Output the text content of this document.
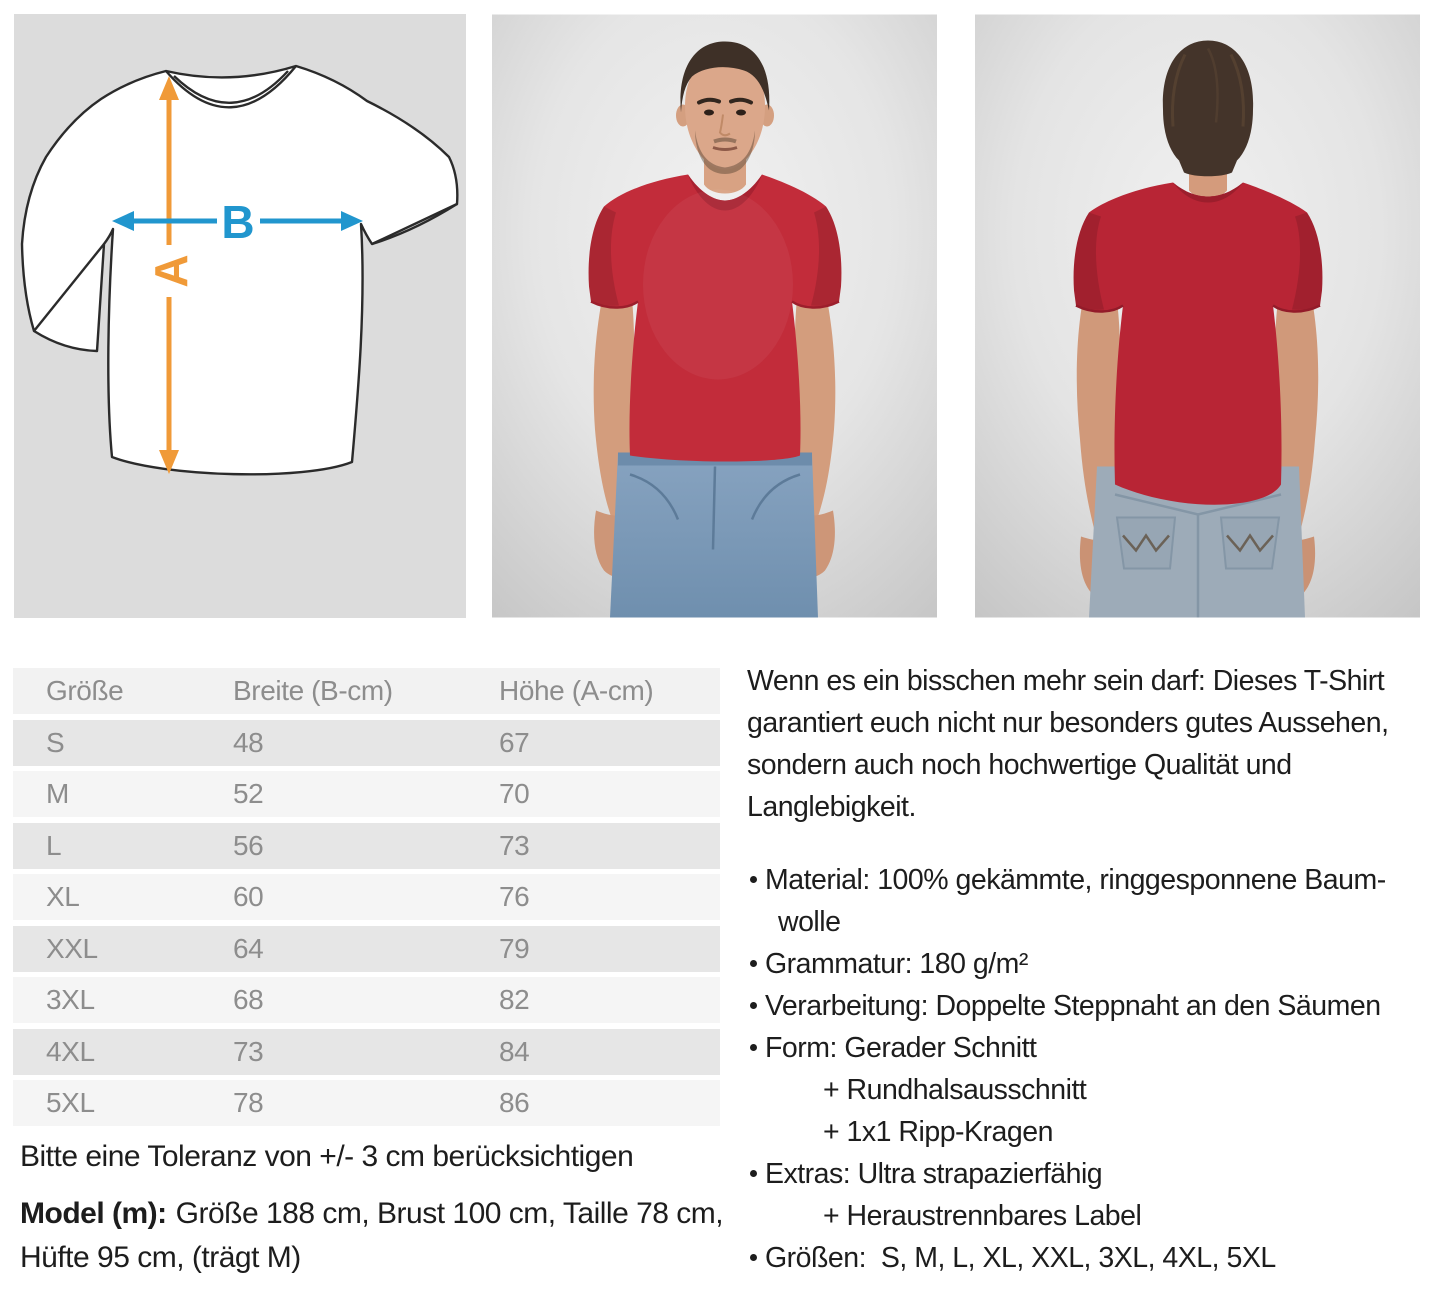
A
B
Größe	Breite (B-cm)	Höhe (A-cm)
S	48	67
M	52	70
L	56	73
XL	60	76
XXL	64	79
3XL	68	82
4XL	73	84
5XL	78	86
Bitte eine Toleranz von +/- 3 cm berücksichtigen
Model (m): Größe 188 cm, Brust 100 cm, Taille 78 cm,
Hüfte 95 cm, (trägt M)

Wenn es ein bisschen mehr sein darf: Dieses T-Shirt
garantiert euch nicht nur besonders gutes Aussehen,
sondern auch noch hochwertige Qualität und
Langlebigkeit.

Material: 100% gekämmte, ringgesponnene Baum-
wolle
Grammatur: 180 g/m²
Verarbeitung: Doppelte Steppnaht an den Säumen
Form: Gerader Schnitt
+ Rundhalsausschnitt
+ 1x1 Ripp-Kragen
Extras: Ultra strapazierfähig
+ Heraustrennbares Label
Größen:  S, M, L, XL, XXL, 3XL, 4XL, 5XL
